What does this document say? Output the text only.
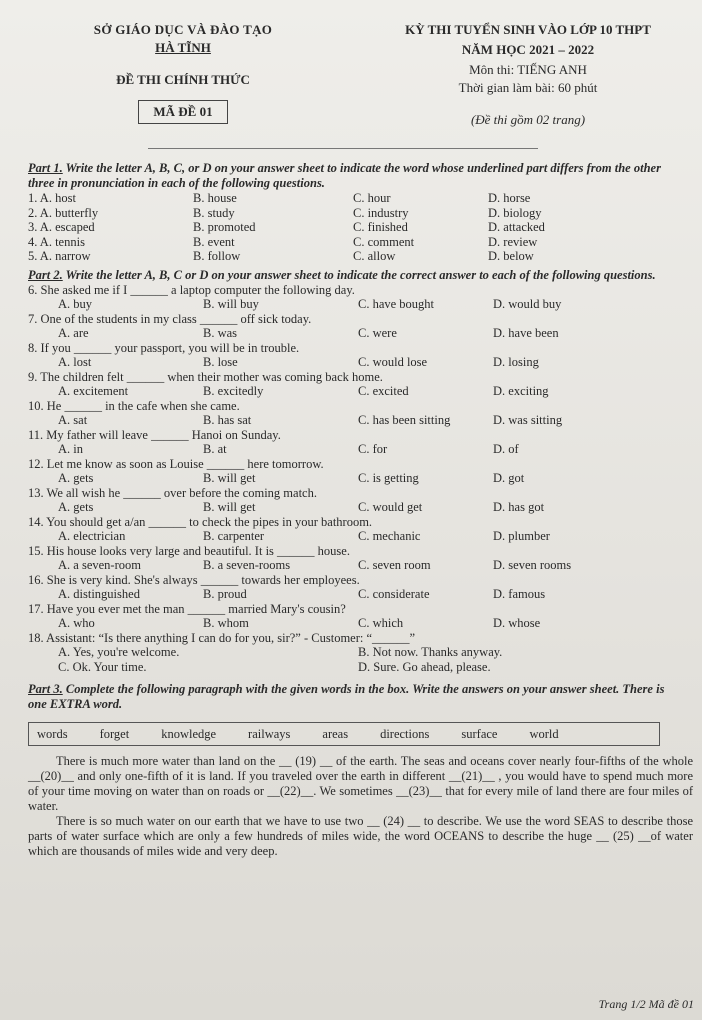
SỞ GIÁO DỤC VÀ ĐÀO TẠO
HÀ TĨNH
ĐỀ THI CHÍNH THỨC
MÃ ĐỀ 01
KỲ THI TUYỂN SINH VÀO LỚP 10 THPT
NĂM HỌC 2021 – 2022
Môn thi: TIẾNG ANH
Thời gian làm bài: 60 phút
(Đề thi gồm 02 trang)
Part 1. Write the letter A, B, C, or D on your answer sheet to indicate the word whose underlined part differs from the other three in pronunciation in each of the following questions.
1. A. host	B. house	C. hour	D. horse
2. A. butterfly	B. study	C. industry	D. biology
3. A. escaped	B. promoted	C. finished	D. attacked
4. A. tennis	B. event	C. comment	D. review
5. A. narrow	B. follow	C. allow	D. below
Part 2. Write the letter A, B, C or D on your answer sheet to indicate the correct answer to each of the following questions.
6. She asked me if I ______ a laptop computer the following day.
A. buy	B. will buy	C. have bought	D. would buy
7. One of the students in my class ______ off sick today.
A. are	B. was	C. were	D. have been
8. If you ______ your passport, you will be in trouble.
A. lost	B. lose	C. would lose	D. losing
9. The children felt ______ when their mother was coming back home.
A. excitement	B. excitedly	C. excited	D. exciting
10. He ______ in the cafe when she came.
A. sat	B. has sat	C. has been sitting	D. was sitting
11. My father will leave ______ Hanoi on Sunday.
A. in	B. at	C. for	D. of
12. Let me know as soon as Louise ______ here tomorrow.
A. gets	B. will get	C. is getting	D. got
13. We all wish he ______ over before the coming match.
A. gets	B. will get	C. would get	D. has got
14. You should get a/an ______ to check the pipes in your bathroom.
A. electrician	B. carpenter	C. mechanic	D. plumber
15. His house looks very large and beautiful. It is ______ house.
A. a seven-room	B. a seven-rooms	C. seven room	D. seven rooms
16. She is very kind. She's always ______ towards her employees.
A. distinguished	B. proud	C. considerate	D. famous
17. Have you ever met the man ______ married Mary's cousin?
A. who	B. whom	C. which	D. whose
18. Assistant: “Is there anything I can do for you, sir?” - Customer: “______”
A. Yes, you're welcome.	B. Not now. Thanks anyway.
C. Ok. Your time.	D. Sure. Go ahead, please.
Part 3. Complete the following paragraph with the given words in the box. Write the answers on your answer sheet. There is one EXTRA word.
words	forget	knowledge	railways	areas	directions	surface	world

There is much more water than land on the __ (19) __ of the earth. The seas and oceans cover nearly four-fifths of the whole __(20)__ and only one-fifth of it is land. If you traveled over the earth in different __(21)__ , you would have to spend much more of your time moving on water than on roads or __(22)__. We sometimes __(23)__ that for every mile of land there are four miles of water.

There is so much water on our earth that we have to use two __ (24) __ to describe. We use the word SEAS to describe those parts of water surface which are only a few hundreds of miles wide, the word OCEANS to describe the huge __ (25) __of water which are thousands of miles wide and very deep.

Trang 1/2 Mã đề 01
